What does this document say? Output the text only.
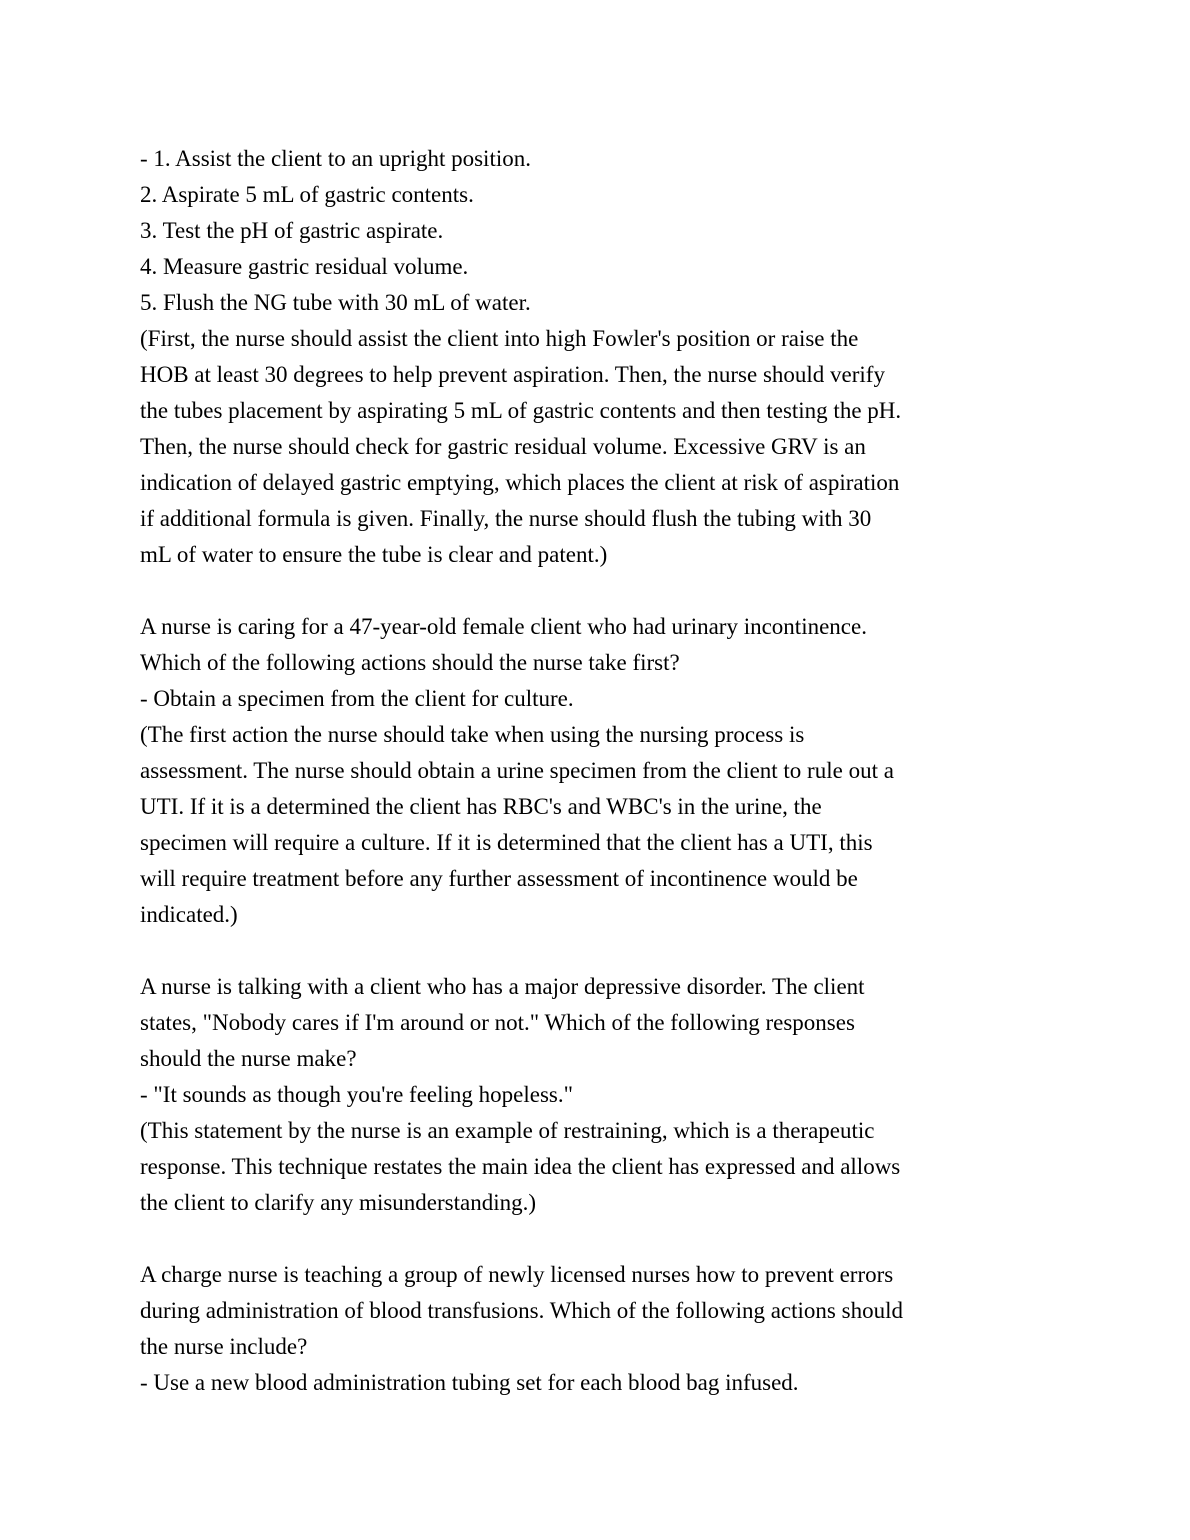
- 1. Assist the client to an upright position.
2. Aspirate 5 mL of gastric contents.
3. Test the pH of gastric aspirate.
4. Measure gastric residual volume.
5. Flush the NG tube with 30 mL of water.
(First, the nurse should assist the client into high Fowler's position or raise the
HOB at least 30 degrees to help prevent aspiration. Then, the nurse should verify
the tubes placement by aspirating 5 mL of gastric contents and then testing the pH.
Then, the nurse should check for gastric residual volume. Excessive GRV is an
indication of delayed gastric emptying, which places the client at risk of aspiration
if additional formula is given. Finally, the nurse should flush the tubing with 30
mL of water to ensure the tube is clear and patent.)
A nurse is caring for a 47-year-old female client who had urinary incontinence.
Which of the following actions should the nurse take first?
- Obtain a specimen from the client for culture.
(The first action the nurse should take when using the nursing process is
assessment. The nurse should obtain a urine specimen from the client to rule out a
UTI. If it is a determined the client has RBC's and WBC's in the urine, the
specimen will require a culture. If it is determined that the client has a UTI, this
will require treatment before any further assessment of incontinence would be
indicated.)
A nurse is talking with a client who has a major depressive disorder. The client
states, "Nobody cares if I'm around or not." Which of the following responses
should the nurse make?
- "It sounds as though you're feeling hopeless."
(This statement by the nurse is an example of restraining, which is a therapeutic
response. This technique restates the main idea the client has expressed and allows
the client to clarify any misunderstanding.)
A charge nurse is teaching a group of newly licensed nurses how to prevent errors
during administration of blood transfusions. Which of the following actions should
the nurse include?
- Use a new blood administration tubing set for each blood bag infused.
